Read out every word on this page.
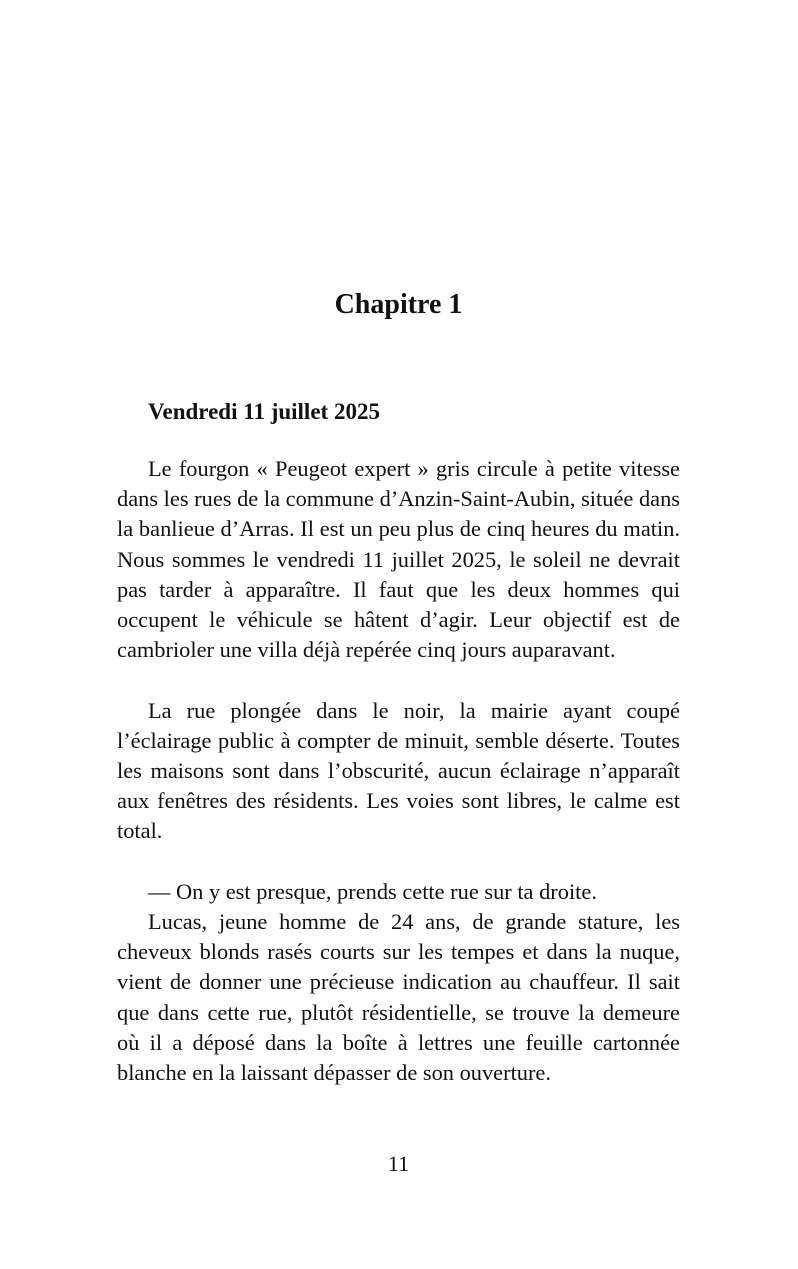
Chapitre 1
Vendredi 11 juillet 2025

Le fourgon « Peugeot expert » gris circule à petite vitesse dans les rues de la commune d’Anzin-Saint-Aubin, située dans la banlieue d’Arras. Il est un peu plus de cinq heures du matin. Nous sommes le vendredi 11 juillet 2025, le soleil ne devrait pas tarder à apparaître. Il faut que les deux hommes qui occupent le véhicule se hâtent d’agir. Leur objectif est de cambrioler une villa déjà repérée cinq jours auparavant.

La rue plongée dans le noir, la mairie ayant coupé l’éclairage public à compter de minuit, semble déserte. Toutes les maisons sont dans l’obscurité, aucun éclairage n’apparaît aux fenêtres des résidents. Les voies sont libres, le calme est total.

— On y est presque, prends cette rue sur ta droite.

Lucas, jeune homme de 24 ans, de grande stature, les cheveux blonds rasés courts sur les tempes et dans la nuque, vient de donner une précieuse indication au chauffeur. Il sait que dans cette rue, plutôt résidentielle, se trouve la demeure où il a déposé dans la boîte à lettres une feuille cartonnée blanche en la laissant dépasser de son ouverture.

11
